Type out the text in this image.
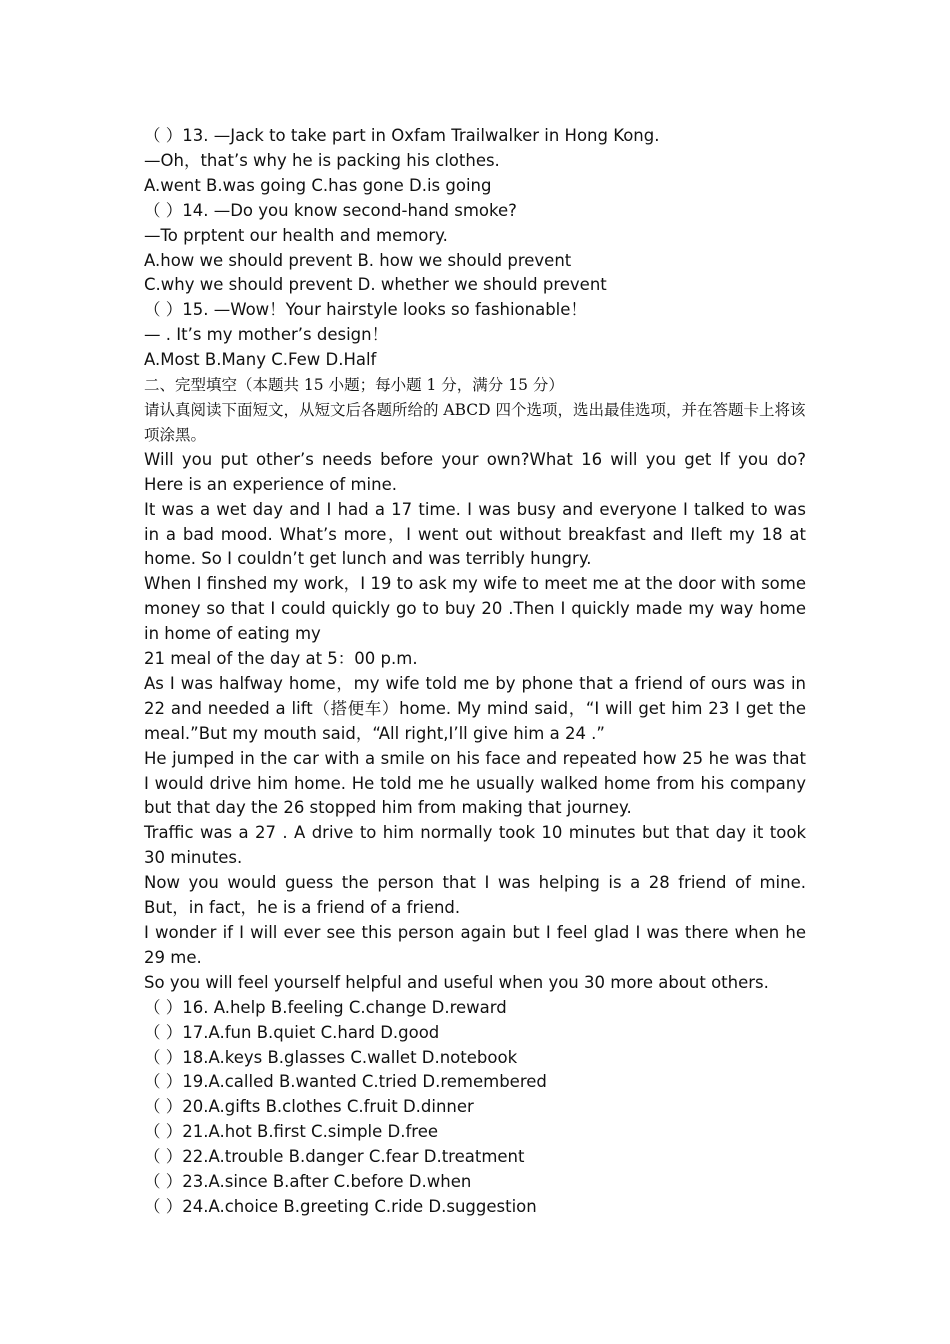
（ ）13. —Jack to take part in Oxfam Trailwalker in Hong Kong.
—Oh，that’s why he is packing his clothes.
A.went B.was going C.has gone D.is going
（ ）14. —Do you know second-hand smoke?
—To prptent our health and memory.
A.how we should prevent B. how we should prevent
C.why we should prevent D. whether we should prevent
（ ）15. —Wow！Your hairstyle looks so fashionable！
— . It’s my mother’s design！
A.Most B.Many C.Few D.Half
二、完型填空（本题共 15 小题；每小题 1 分，满分 15 分）
请认真阅读下面短文，从短文后各题所给的 ABCD 四个选项，选出最佳选项，并在答题卡上将该项涂黑。
Will you put other’s needs before your own?What 16 will you get lf you do? Here is an experience of mine.
It was a wet day and I had a 17 time. I was busy and everyone I talked to was in a bad mood. What’s more，I went out without breakfast and Ileft my 18 at home. So I couldn’t get lunch and was terribly hungry.
When I finshed my work，I 19 to ask my wife to meet me at the door with some money so that I could quickly go to buy 20 .Then I quickly made my way home in home of eating my
21 meal of the day at 5：00 p.m.
As I was halfway home，my wife told me by phone that a friend of ours was in 22 and needed a lift（搭便车）home. My mind said，“I will get him 23 I get the meal.”But my mouth said，“All right,I’ll give him a 24 .”
He jumped in the car with a smile on his face and repeated how 25 he was that I would drive him home. He told me he usually walked home from his company but that day the 26 stopped him from making that journey.
Traffic was a 27 . A drive to him normally took 10 minutes but that day it took 30 minutes.
Now you would guess the person that I was helping is a 28 friend of mine. But，in fact，he is a friend of a friend.
I wonder if I will ever see this person again but I feel glad I was there when he 29 me.
So you will feel yourself helpful and useful when you 30 more about others.
（ ）16. A.help B.feeling C.change D.reward
（ ）17.A.fun B.quiet C.hard D.good
（ ）18.A.keys B.glasses C.wallet D.notebook
（ ）19.A.called B.wanted C.tried D.remembered
（ ）20.A.gifts B.clothes C.fruit D.dinner
（ ）21.A.hot B.first C.simple D.free
（ ）22.A.trouble B.danger C.fear D.treatment
（ ）23.A.since B.after C.before D.when
（ ）24.A.choice B.greeting C.ride D.suggestion
